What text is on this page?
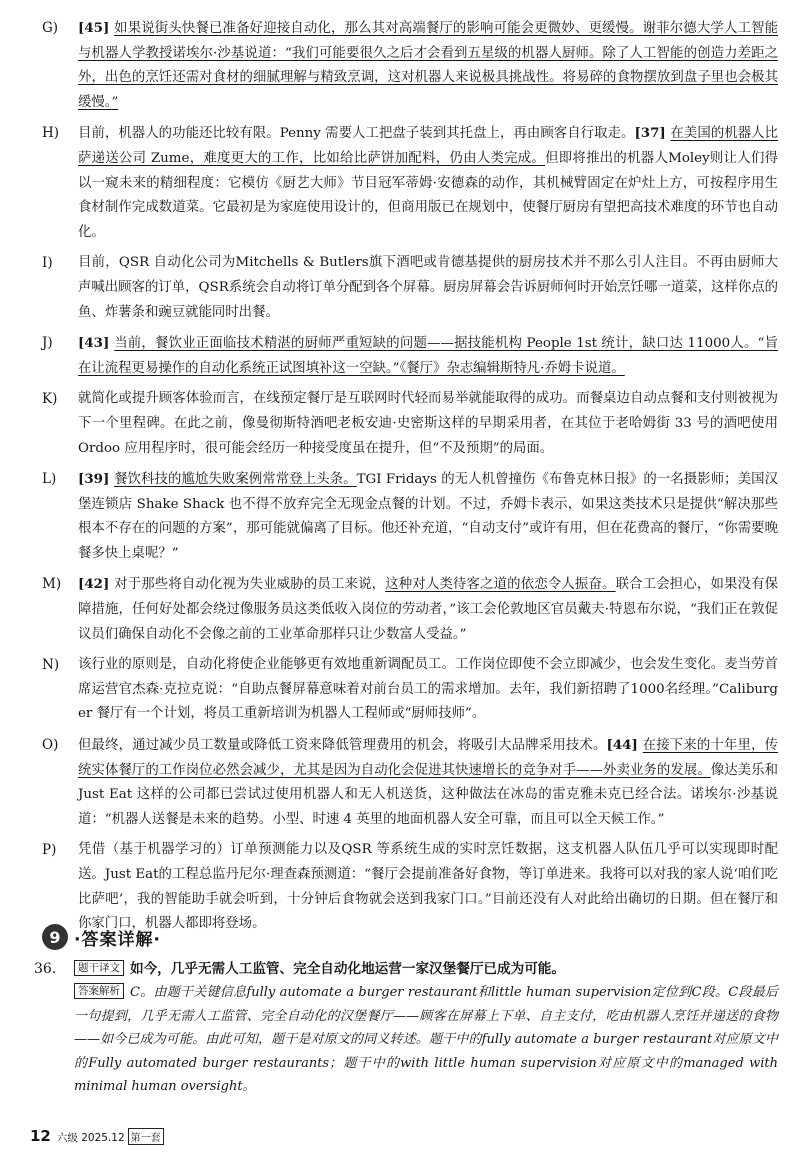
G)	[45] 如果说街头快餐已准备好迎接自动化，那么其对高端餐厅的影响可能会更微妙、更缓慢。谢菲尔德大学人工智能与机器人学教授诺埃尔·沙基说道：“我们可能要很久之后才会看到五星级的机器人厨师。除了人工智能的创造力差距之外，出色的烹饪还需对食材的细腻理解与精致烹调，这对机器人来说极具挑战性。将易碎的食物摆放到盘子里也会极其缓慢。”
H)	目前，机器人的功能还比较有限。Penny 需要人工把盘子装到其托盘上，再由顾客自行取走。[37] 在美国的机器人比萨递送公司 Zume，难度更大的工作，比如给比萨饼加配料，仍由人类完成。但即将推出的机器人Moley则让人们得以一窥未来的精细程度：它模仿《厨艺大师》节目冠军蒂姆·安德森的动作，其机械臂固定在炉灶上方，可按程序用生食材制作完成数道菜。它最初是为家庭使用设计的，但商用版已在规划中，使餐厅厨房有望把高技术难度的环节也自动化。
I)	目前，QSR 自动化公司为Mitchells & Butlers旗下酒吧或肯德基提供的厨房技术并不那么引人注目。不再由厨师大声喊出顾客的订单，QSR系统会自动将订单分配到各个屏幕。厨房屏幕会告诉厨师何时开始烹饪哪一道菜，这样你点的鱼、炸薯条和豌豆就能同时出餐。
J)	[43] 当前，餐饮业正面临技术精湛的厨师严重短缺的问题——据技能机构 People 1st 统计，缺口达 11000人。“旨在让流程更易操作的自动化系统正试图填补这一空缺。”《餐厅》杂志编辑斯特凡·乔姆卡说道。
K)	就简化或提升顾客体验而言，在线预定餐厅是互联网时代轻而易举就能取得的成功。而餐桌边自动点餐和支付则被视为下一个里程碑。在此之前，像曼彻斯特酒吧老板安迪·史密斯这样的早期采用者，在其位于老哈姆街 33 号的酒吧使用 Ordoo 应用程序时，很可能会经历一种接受度虽在提升，但“不及预期”的局面。
L)	[39] 餐饮科技的尴尬失败案例常常登上头条。TGI Fridays 的无人机曾撞伤《布鲁克林日报》的一名摄影师；美国汉堡连锁店 Shake Shack 也不得不放弃完全无现金点餐的计划。不过，乔姆卡表示，如果这类技术只是提供“解决那些根本不存在的问题的方案”，那可能就偏离了目标。他还补充道，“自动支付”或许有用，但在花费高的餐厅，“你需要晚餐多快上桌呢？”
M)	[42] 对于那些将自动化视为失业威胁的员工来说，这种对人类待客之道的依恋令人振奋。联合工会担心，如果没有保障措施，任何好处都会绕过像服务员这类低收入岗位的劳动者，”该工会伦敦地区官员戴夫·特恩布尔说，“我们正在敦促议员们确保自动化不会像之前的工业革命那样只让少数富人受益。”
N)	该行业的原则是，自动化将使企业能够更有效地重新调配员工。工作岗位即使不会立即减少，也会发生变化。麦当劳首席运营官杰森·克拉克说：“自助点餐屏幕意味着对前台员工的需求增加。去年，我们新招聘了1000名经理。”Caliburger 餐厅有一个计划，将员工重新培训为机器人工程师或“厨师技师”。
O)	但最终，通过减少员工数量或降低工资来降低管理费用的机会，将吸引大品牌采用技术。[44] 在接下来的十年里，传统实体餐厅的工作岗位必然会减少，尤其是因为自动化会促进其快速增长的竞争对手——外卖业务的发展。像达美乐和 Just Eat 这样的公司都已尝试过使用机器人和无人机送货，这种做法在冰岛的雷克雅未克已经合法。诺埃尔·沙基说道：“机器人送餐是未来的趋势。小型、时速 4 英里的地面机器人安全可靠，而且可以全天候工作。”
P)	凭借（基于机器学习的）订单预测能力以及QSR 等系统生成的实时烹饪数据，这支机器人队伍几乎可以实现即时配送。Just Eat的工程总监丹尼尔·理查森预测道：“餐厅会提前准备好食物，等订单进来。我将可以对我的家人说‘咱们吃比萨吧’，我的智能助手就会听到，十分钟后食物就会送到我家门口。”目前还没有人对此给出确切的日期。但在餐厅和你家门口，机器人都即将登场。
9 ·答案详解·
36.	题干译文 如今，几乎无需人工监管、完全自动化地运营一家汉堡餐厅已成为可能。
答案解析 C。由题干关键信息fully automate a burger restaurant和little human supervision定位到C段。C段最后一句提到，几乎无需人工监管、完全自动化的汉堡餐厅——顾客在屏幕上下单、自主支付，吃由机器人烹饪并递送的食物——如今已成为可能。由此可知，题干是对原文的同义转述。题干中的fully automate a burger restaurant对应原文中的Fully automated burger restaurants；题干中的with little human supervision对应原文中的managed with minimal human oversight。
12 六级 2025.12 第一套
